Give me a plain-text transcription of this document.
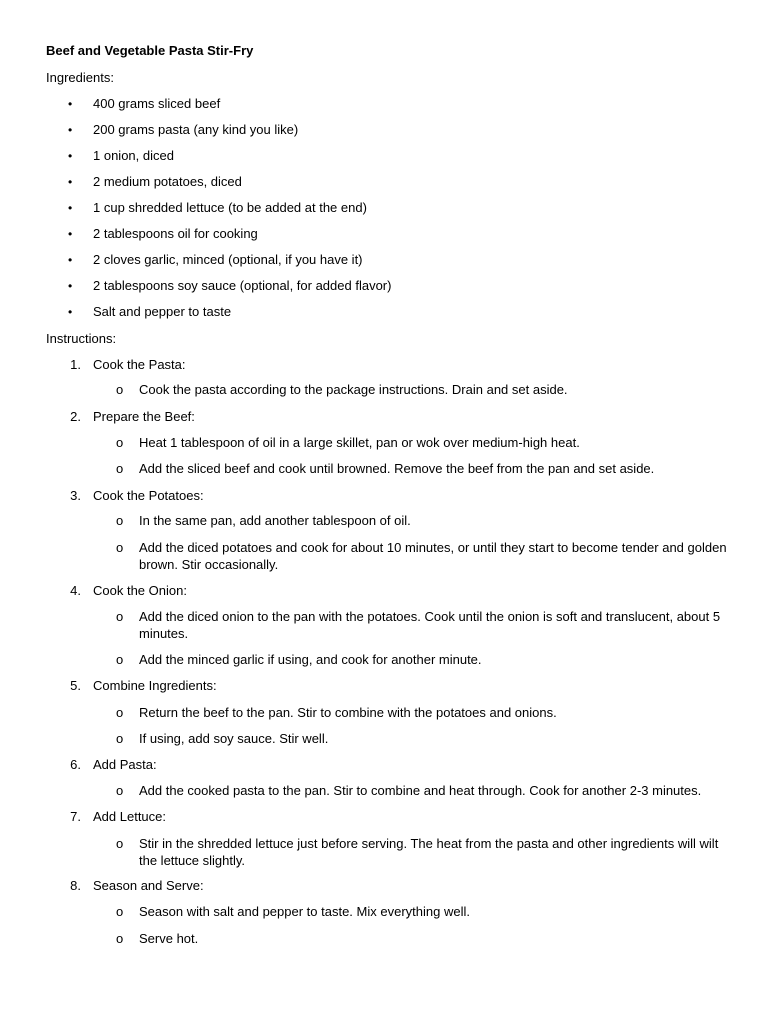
Beef and Vegetable Pasta Stir-Fry
Ingredients:
• 400 grams sliced beef
• 200 grams pasta (any kind you like)
• 1 onion, diced
• 2 medium potatoes, diced
• 1 cup shredded lettuce (to be added at the end)
• 2 tablespoons oil for cooking
• 2 cloves garlic, minced (optional, if you have it)
• 2 tablespoons soy sauce (optional, for added flavor)
• Salt and pepper to taste
Instructions:
1. Cook the Pasta:
o Cook the pasta according to the package instructions. Drain and set aside.
2. Prepare the Beef:
o Heat 1 tablespoon of oil in a large skillet, pan or wok over medium-high heat.
o Add the sliced beef and cook until browned. Remove the beef from the pan and set aside.
3. Cook the Potatoes:
o In the same pan, add another tablespoon of oil.
o Add the diced potatoes and cook for about 10 minutes, or until they start to become tender and golden brown. Stir occasionally.
4. Cook the Onion:
o Add the diced onion to the pan with the potatoes. Cook until the onion is soft and translucent, about 5 minutes.
o Add the minced garlic if using, and cook for another minute.
5. Combine Ingredients:
o Return the beef to the pan. Stir to combine with the potatoes and onions.
o If using, add soy sauce. Stir well.
6. Add Pasta:
o Add the cooked pasta to the pan. Stir to combine and heat through. Cook for another 2-3 minutes.
7. Add Lettuce:
o Stir in the shredded lettuce just before serving. The heat from the pasta and other ingredients will wilt the lettuce slightly.
8. Season and Serve:
o Season with salt and pepper to taste. Mix everything well.
o Serve hot.
